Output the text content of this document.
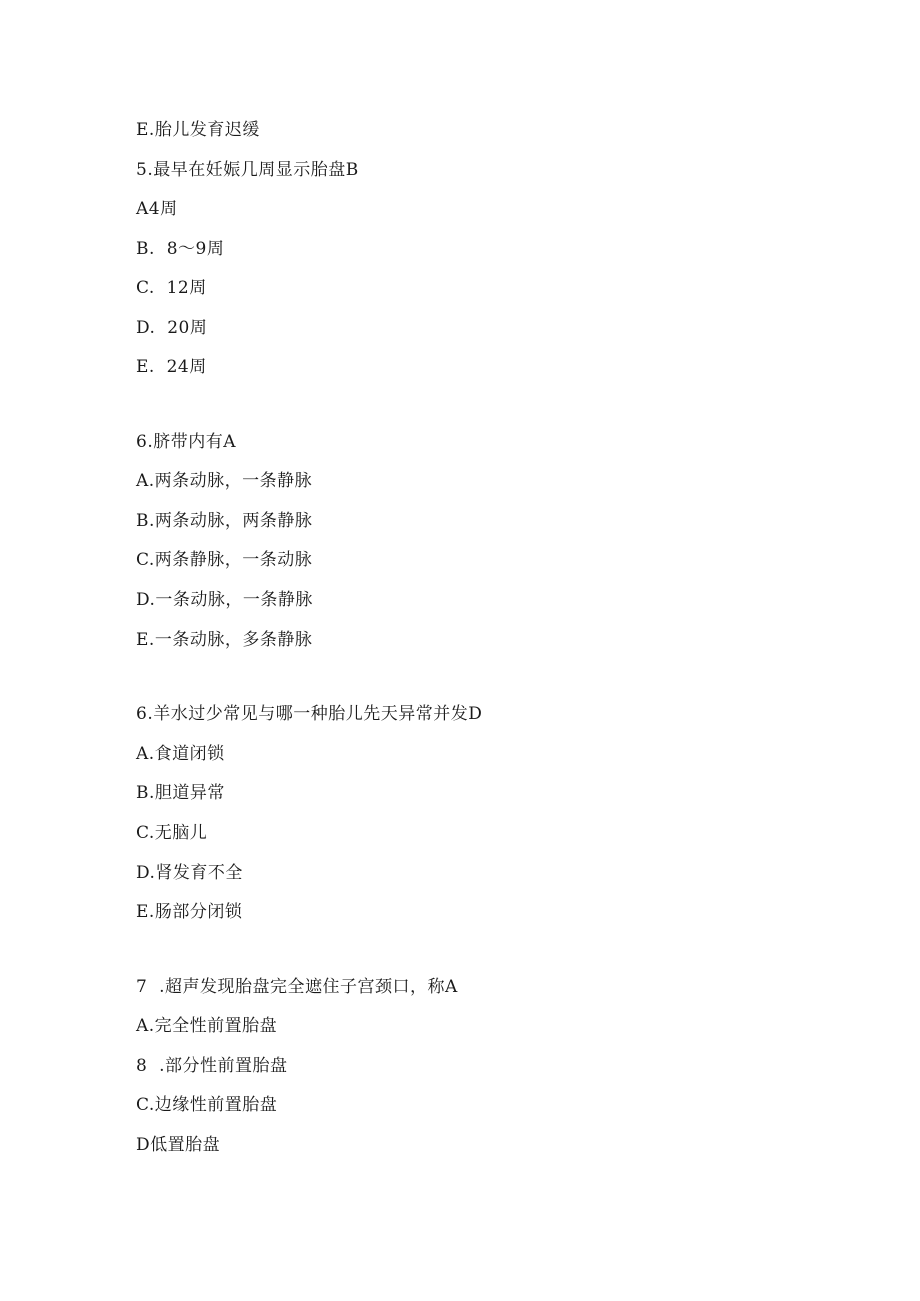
E.胎儿发育迟缓
5.最早在妊娠几周显示胎盘B
A4周
B.  8～9周
C.  12周
D.  20周
E.  24周
6.脐带内有A
A.两条动脉，一条静脉
B.两条动脉，两条静脉
C.两条静脉，一条动脉
D.一条动脉，一条静脉
E.一条动脉，多条静脉
6.羊水过少常见与哪一种胎儿先天异常并发D
A.食道闭锁
B.胆道异常
C.无脑儿
D.肾发育不全
E.肠部分闭锁
7  .超声发现胎盘完全遮住子宫颈口，称A
A.完全性前置胎盘
8  .部分性前置胎盘
C.边缘性前置胎盘
D低置胎盘
